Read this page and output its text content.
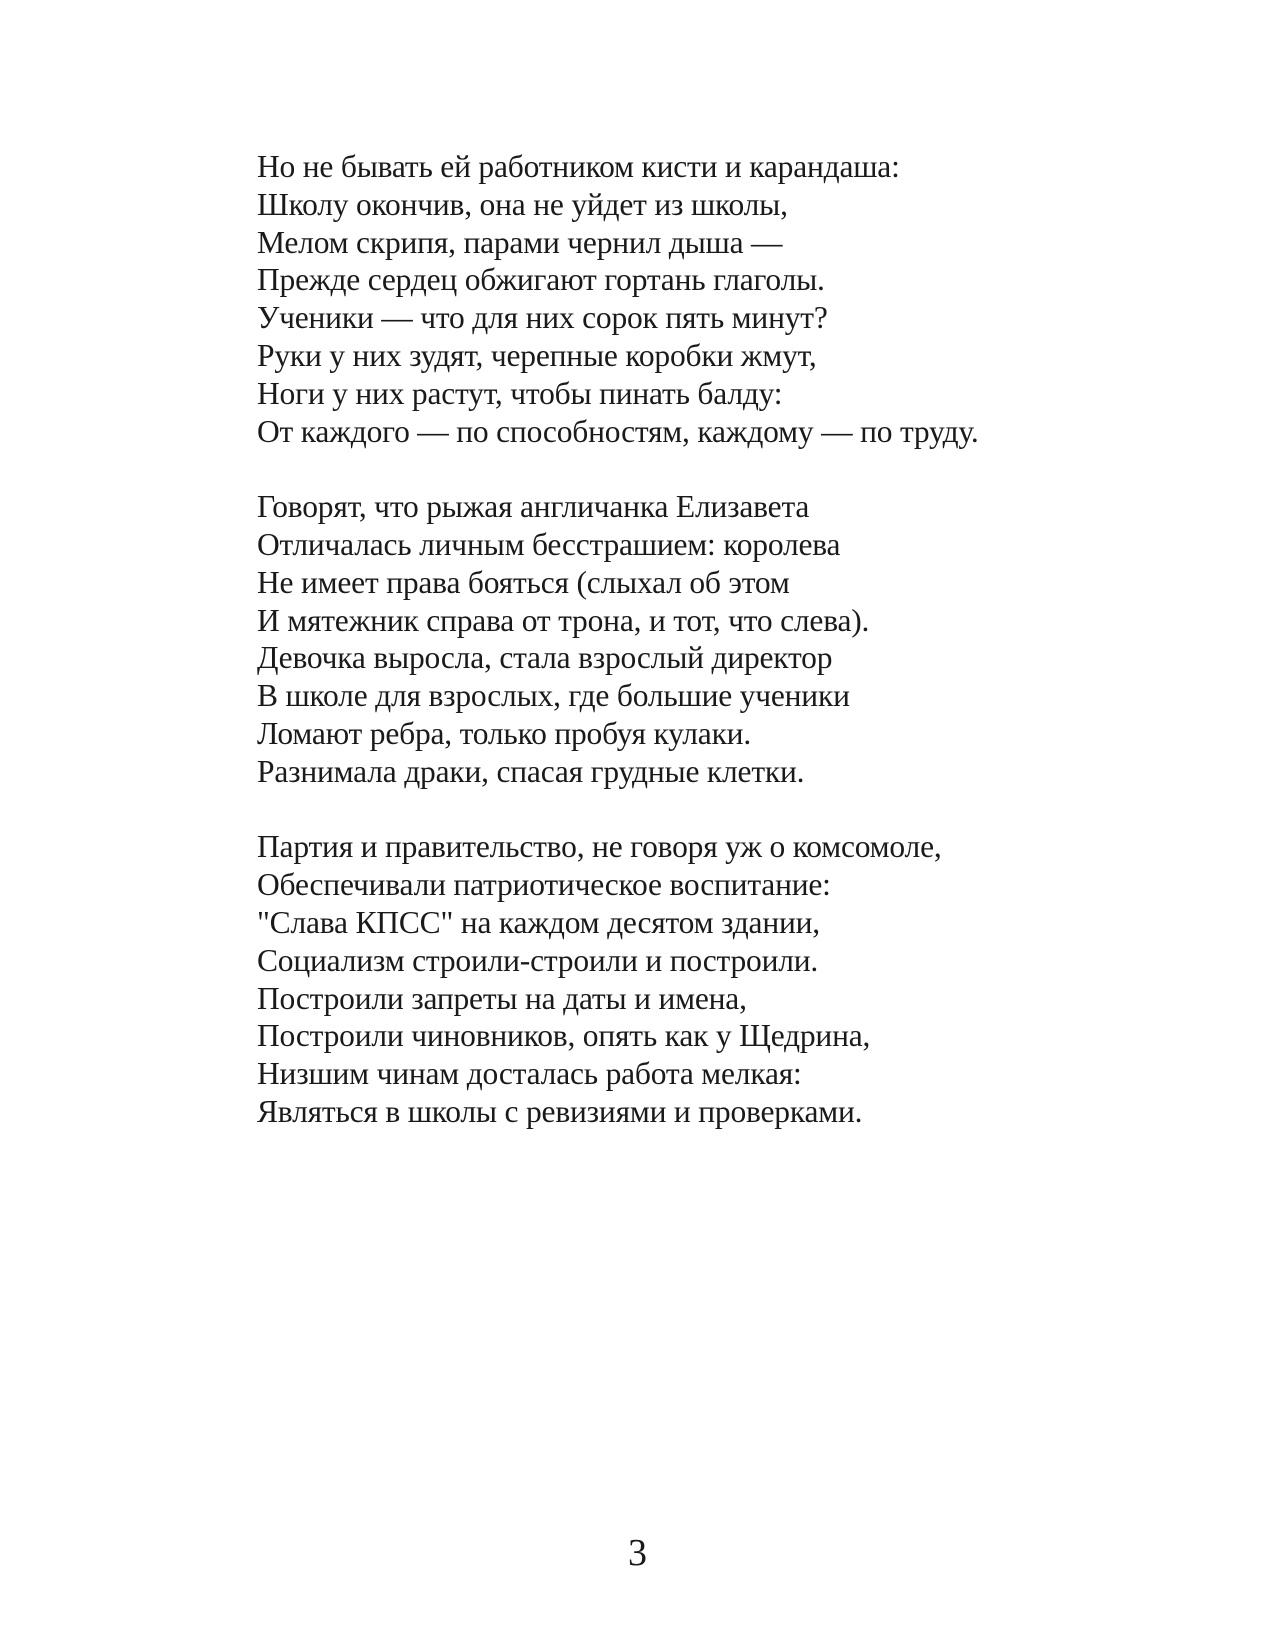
Но не бывать ей работником кисти и карандаша:
Школу окончив, она не уйдет из школы,
Мелом скрипя, парами чернил дыша —
Прежде сердец обжигают гортань глаголы.
Ученики — что для них сорок пять минут?
Руки у них зудят, черепные коробки жмут,
Ноги у них растут, чтобы пинать балду:
От каждого — по способностям, каждому — по труду.
Говорят, что рыжая англичанка Елизавета
Отличалась личным бесстрашием: королева
Не имеет права бояться (слыхал об этом
И мятежник справа от трона, и тот, что слева).
Девочка выросла, стала взрослый директор
В школе для взрослых, где большие ученики
Ломают ребра, только пробуя кулаки.
Разнимала драки, спасая грудные клетки.
Партия и правительство, не говоря уж о комсомоле,
Обеспечивали патриотическое воспитание:
"Слава КПСС" на каждом десятом здании,
Социализм строили-строили и построили.
Построили запреты на даты и имена,
Построили чиновников, опять как у Щедрина,
Низшим чинам досталась работа мелкая:
Являться в школы с ревизиями и проверками.
3
